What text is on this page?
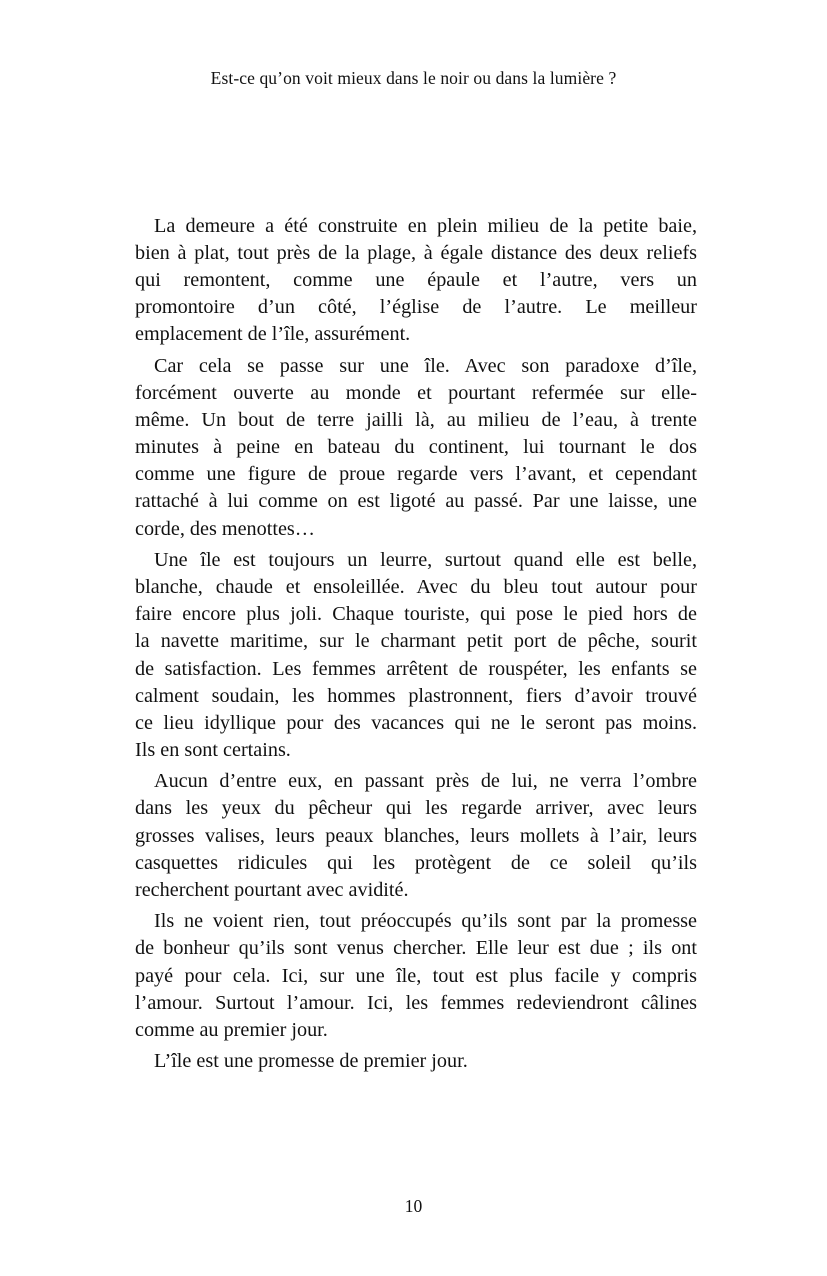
Est-ce qu’on voit mieux dans le noir ou dans la lumière ?

La demeure a été construite en plein milieu de la petite baie,
bien à plat, tout près de la plage, à égale distance des deux reliefs
qui remontent, comme une épaule et l’autre, vers un
promontoire d’un côté, l’église de l’autre. Le meilleur
emplacement de l’île, assurément.

Car cela se passe sur une île. Avec son paradoxe d’île,
forcément ouverte au monde et pourtant refermée sur elle-
même. Un bout de terre jailli là, au milieu de l’eau, à trente
minutes à peine en bateau du continent, lui tournant le dos
comme une figure de proue regarde vers l’avant, et cependant
rattaché à lui comme on est ligoté au passé. Par une laisse, une
corde, des menottes…

Une île est toujours un leurre, surtout quand elle est belle,
blanche, chaude et ensoleillée. Avec du bleu tout autour pour
faire encore plus joli. Chaque touriste, qui pose le pied hors de
la navette maritime, sur le charmant petit port de pêche, sourit
de satisfaction. Les femmes arrêtent de rouspéter, les enfants se
calment soudain, les hommes plastronnent, fiers d’avoir trouvé
ce lieu idyllique pour des vacances qui ne le seront pas moins.
Ils en sont certains.

Aucun d’entre eux, en passant près de lui, ne verra l’ombre
dans les yeux du pêcheur qui les regarde arriver, avec leurs
grosses valises, leurs peaux blanches, leurs mollets à l’air, leurs
casquettes ridicules qui les protègent de ce soleil qu’ils
recherchent pourtant avec avidité.

Ils ne voient rien, tout préoccupés qu’ils sont par la promesse
de bonheur qu’ils sont venus chercher. Elle leur est due ; ils ont
payé pour cela. Ici, sur une île, tout est plus facile y compris
l’amour. Surtout l’amour. Ici, les femmes redeviendront câlines
comme au premier jour.

L’île est une promesse de premier jour.

10
